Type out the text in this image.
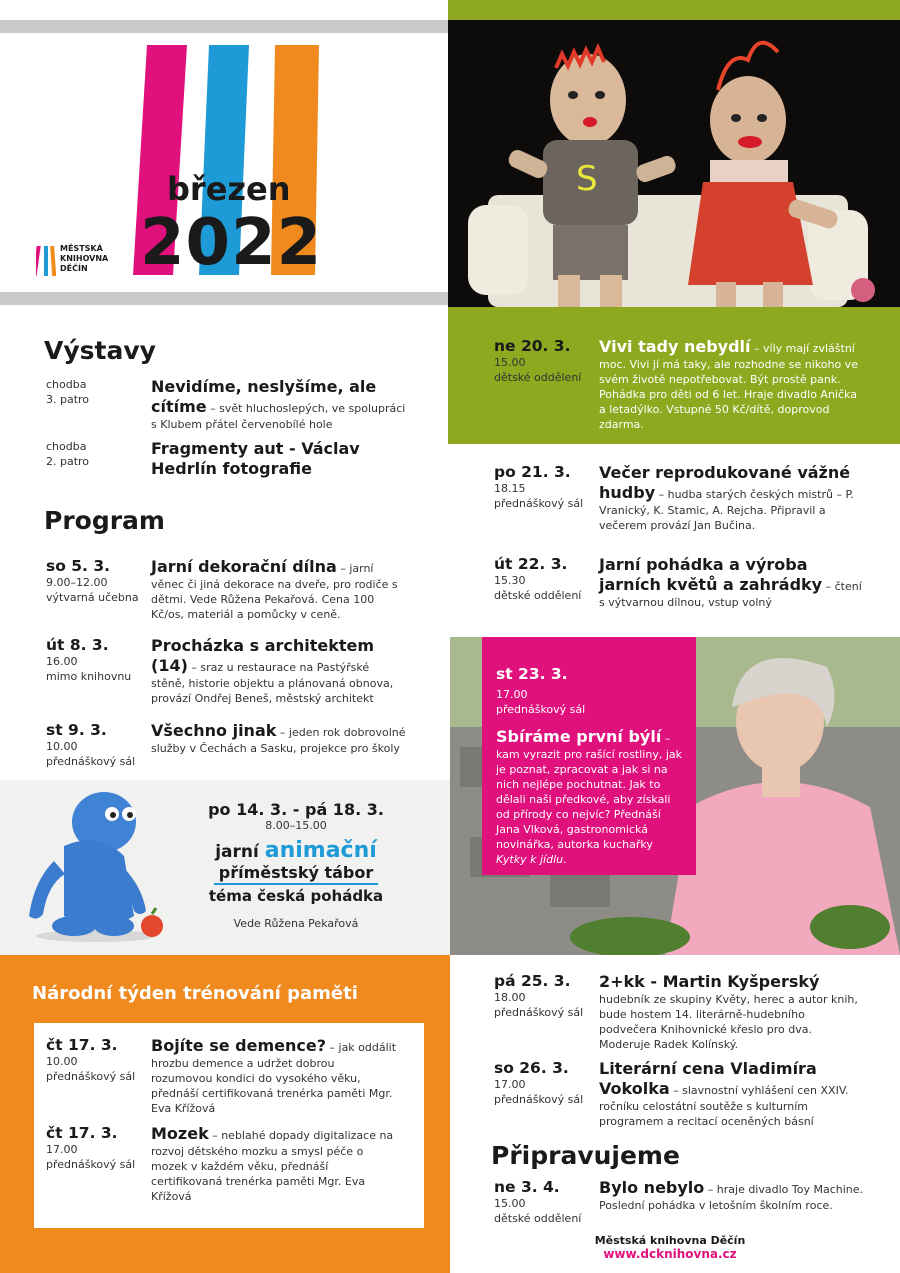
březen
2022
MĚSTSKÁ
KNIHOVNA
DĚČÍN
S
ne 20. 3.
15.00
dětské oddělení
Vivi tady nebydlí – víly mají zvláštní moc. Vivi jí má taky, ale rozhodne se nikoho ve svém životě nepotřebovat. Být prostě pank. Pohádka pro děti od 6 let. Hraje divadlo Anička a letadýlko. Vstupné 50 Kč/dítě, doprovod zdarma.
po 21. 3.
18.15
přednáškový sál
Večer reprodukované vážné hudby – hudba starých českých mistrů – P. Vranický, K. Stamic, A. Rejcha. Připravil a večerem provází Jan Bučina.
út 22. 3.
15.30
dětské oddělení
Jarní pohádka a výroba jarních květů a zahrádky – čtení s výtvarnou dílnou, vstup volný
st 23. 3.
17.00
přednáškový sál
Sbíráme první býlí – kam vyrazit pro rašící rostliny, jak je poznat, zpracovat a jak si na nich nejlépe pochutnat. Jak to dělali naši předkové, aby získali od přírody co nejvíc? Přednáší Jana Vlková, gastronomická novinářka, autorka kuchařky Kytky k jídlu.
pá 25. 3.
18.00
přednáškový sál
2+kk - Martin Kyšperský
hudebník ze skupiny Květy, herec a autor knih, bude hostem 14. literárně-hudebního podvečera Knihovnické křeslo pro dva. Moderuje Radek Kolínský.
so 26. 3.
17.00
přednáškový sál
Literární cena Vladimíra Vokolka – slavnostní vyhlášení cen XXIV. ročníku celostátní soutěže s kulturním programem a recitací oceněných básní
Připravujeme
ne 3. 4.
15.00
dětské oddělení
Bylo nebylo – hraje divadlo Toy Machine. Poslední pohádka v letošním školním roce.
Městská knihovna Děčín
www.dcknihovna.cz
Výstavy
chodba
3. patro
Nevidíme, neslyšíme, ale cítíme – svět hluchoslepých, ve spolupráci s Klubem přátel červenobílé hole
chodba
2. patro
Fragmenty aut - Václav Hedrlín fotografie
Program
so 5. 3.
9.00–12.00
výtvarná učebna
Jarní dekorační dílna – jarní věnec či jiná dekorace na dveře, pro rodiče s dětmi. Vede Růžena Pekařová. Cena 100 Kč/os, materiál a pomůcky v ceně.
út 8. 3.
16.00
mimo knihovnu
Procházka s architektem (14) – sraz u restaurace na Pastýřské stěně, historie objektu a plánovaná obnova, provází Ondřej Beneš, městský architekt
st 9. 3.
10.00
přednáškový sál
Všechno jinak – jeden rok dobrovolné služby v Čechách a Sasku, projekce pro školy
po 14. 3. - pá 18. 3.
8.00–15.00
jarní animační
příměstský tábor
téma česká pohádka
Vede Růžena Pekařová
Národní týden trénování paměti
čt 17. 3.
10.00
přednáškový sál
Bojíte se demence? – jak oddálit hrozbu demence a udržet dobrou rozumovou kondici do vysokého věku, přednáší certifikovaná trenérka paměti Mgr. Eva Křížová
čt 17. 3.
17.00
přednáškový sál
Mozek – neblahé dopady digitalizace na rozvoj dětského mozku a smysl péče o mozek v každém věku, přednáší certifikovaná trenérka paměti Mgr. Eva Křížová
